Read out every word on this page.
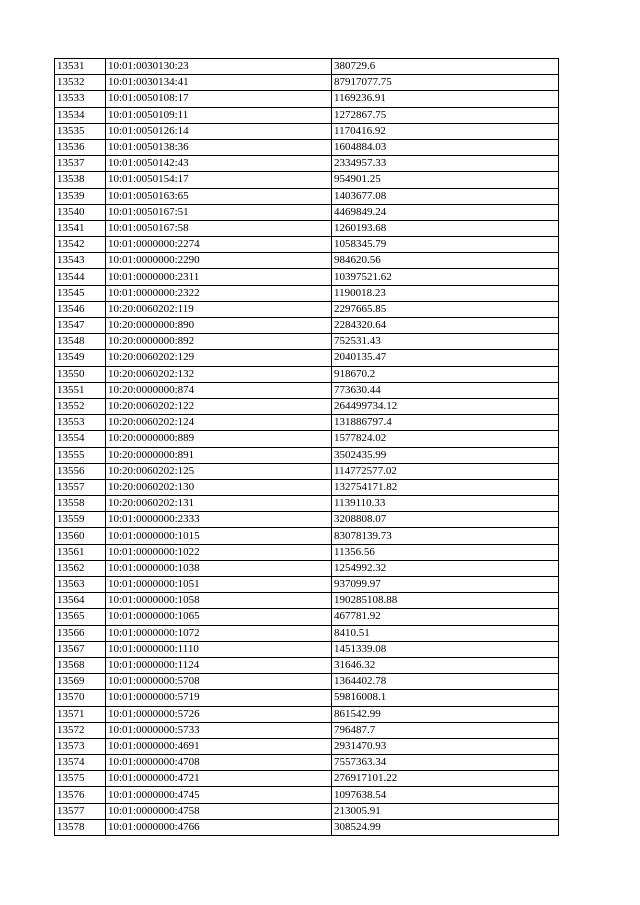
13531	10:01:0030130:23	380729.6
13532	10:01:0030134:41	87917077.75
13533	10:01:0050108:17	1169236.91
13534	10:01:0050109:11	1272867.75
13535	10:01:0050126:14	1170416.92
13536	10:01:0050138:36	1604884.03
13537	10:01:0050142:43	2334957.33
13538	10:01:0050154:17	954901.25
13539	10:01:0050163:65	1403677.08
13540	10:01:0050167:51	4469849.24
13541	10:01:0050167:58	1260193.68
13542	10:01:0000000:2274	1058345.79
13543	10:01:0000000:2290	984620.56
13544	10:01:0000000:2311	10397521.62
13545	10:01:0000000:2322	1190018.23
13546	10:20:0060202:119	2297665.85
13547	10:20:0000000:890	2284320.64
13548	10:20:0000000:892	752531.43
13549	10:20:0060202:129	2040135.47
13550	10:20:0060202:132	918670.2
13551	10:20:0000000:874	773630.44
13552	10:20:0060202:122	264499734.12
13553	10:20:0060202:124	131886797.4
13554	10:20:0000000:889	1577824.02
13555	10:20:0000000:891	3502435.99
13556	10:20:0060202:125	114772577.02
13557	10:20:0060202:130	132754171.82
13558	10:20:0060202:131	1139110.33
13559	10:01:0000000:2333	3208808.07
13560	10:01:0000000:1015	83078139.73
13561	10:01:0000000:1022	11356.56
13562	10:01:0000000:1038	1254992.32
13563	10:01:0000000:1051	937099.97
13564	10:01:0000000:1058	190285108.88
13565	10:01:0000000:1065	467781.92
13566	10:01:0000000:1072	8410.51
13567	10:01:0000000:1110	1451339.08
13568	10:01:0000000:1124	31646.32
13569	10:01:0000000:5708	1364402.78
13570	10:01:0000000:5719	59816008.1
13571	10:01:0000000:5726	861542.99
13572	10:01:0000000:5733	796487.7
13573	10:01:0000000:4691	2931470.93
13574	10:01:0000000:4708	7557363.34
13575	10:01:0000000:4721	276917101.22
13576	10:01:0000000:4745	1097638.54
13577	10:01:0000000:4758	213005.91
13578	10:01:0000000:4766	308524.99
